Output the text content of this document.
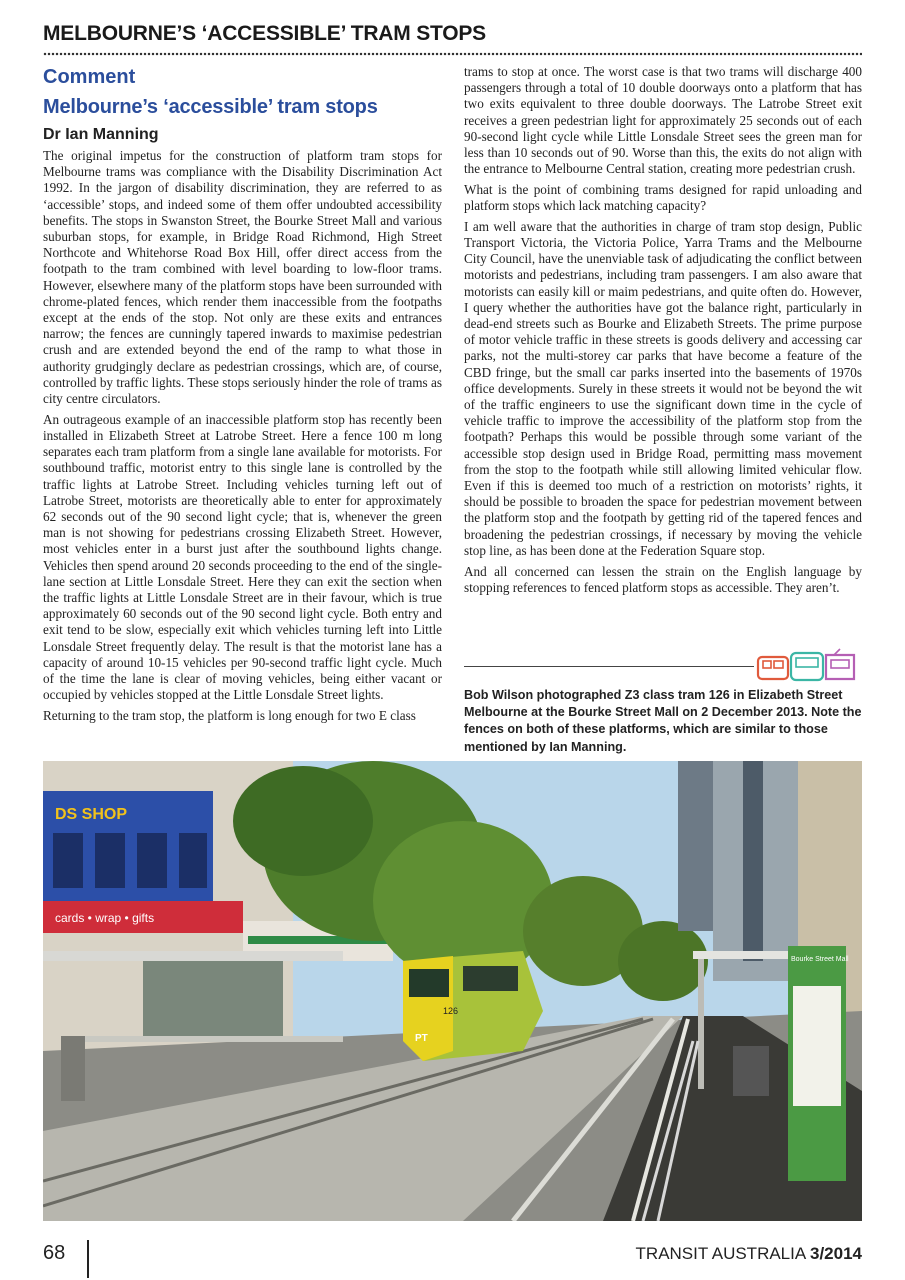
MELBOURNE’S ‘ACCESSIBLE’ TRAM STOPS
Comment
Melbourne’s ‘accessible’ tram stops
Dr Ian Manning

The original impetus for the construction of platform tram stops for Melbourne trams was compliance with the Disability Discrimination Act 1992. In the jargon of disability discrimination, they are referred to as ‘accessible’ stops, and indeed some of them offer undoubted accessibility benefits. The stops in Swanston Street, the Bourke Street Mall and various suburban stops, for example, in Bridge Road Richmond, High Street Northcote and Whitehorse Road Box Hill, offer direct access from the footpath to the tram combined with level boarding to low-floor trams. However, elsewhere many of the platform stops have been surrounded with chrome-plated fences, which render them inaccessible from the footpaths except at the ends of the stop. Not only are these exits and entrances narrow; the fences are cunningly tapered inwards to maximise pedestrian crush and are extended beyond the end of the ramp to what those in authority grudgingly declare as pedestrian crossings, which are, of course, controlled by traffic lights. These stops seriously hinder the role of trams as city centre circulators.

An outrageous example of an inaccessible platform stop has recently been installed in Elizabeth Street at Latrobe Street. Here a fence 100 m long separates each tram platform from a single lane available for motorists. For southbound traffic, motorist entry to this single lane is controlled by the traffic lights at Latrobe Street. Including vehicles turning left out of Latrobe Street, motorists are theoretically able to enter for approximately 62 seconds out of the 90 second light cycle; that is, whenever the green man is not showing for pedestrians crossing Elizabeth Street. However, most vehicles enter in a burst just after the southbound lights change. Vehicles then spend around 20 seconds proceeding to the end of the single-lane section at Little Lonsdale Street. Here they can exit the section when the traffic lights at Little Lonsdale Street are in their favour, which is true approximately 60 seconds out of the 90 second light cycle. Both entry and exit tend to be slow, especially exit which vehicles turning left into Little Lonsdale Street frequently delay. The result is that the motorist lane has a capacity of around 10-15 vehicles per 90-second traffic light cycle. Much of the time the lane is clear of moving vehicles, being either vacant or occupied by vehicles stopped at the Little Lonsdale Street lights.

Returning to the tram stop, the platform is long enough for two E class

trams to stop at once. The worst case is that two trams will discharge 400 passengers through a total of 10 double doorways onto a platform that has two exits equivalent to three double doorways. The Latrobe Street exit receives a green pedestrian light for approximately 25 seconds out of each 90-second light cycle while Little Lonsdale Street sees the green man for less than 10 seconds out of 90. Worse than this, the exits do not align with the entrance to Melbourne Central station, creating more pedestrian crush.

What is the point of combining trams designed for rapid unloading and platform stops which lack matching capacity?

I am well aware that the authorities in charge of tram stop design, Public Transport Victoria, the Victoria Police, Yarra Trams and the Melbourne City Council, have the unenviable task of adjudicating the conflict between motorists and pedestrians, including tram passengers. I am also aware that motorists can easily kill or maim pedestrians, and quite often do. However, I query whether the authorities have got the balance right, particularly in dead-end streets such as Bourke and Elizabeth Streets. The prime purpose of motor vehicle traffic in these streets is goods delivery and accessing car parks, not the multi-storey car parks that have become a feature of the CBD fringe, but the small car parks inserted into the basements of 1970s office developments. Surely in these streets it would not be beyond the wit of the traffic engineers to use the significant down time in the cycle of vehicle traffic to improve the accessibility of the platform stop from the footpath? Perhaps this would be possible through some variant of the accessible stop design used in Bridge Road, permitting mass movement from the stop to the footpath while still allowing limited vehicular flow. Even if this is deemed too much of a restriction on motorists’ rights, it should be possible to broaden the space for pedestrian movement between the platform stop and the footpath by getting rid of the tapered fences and broadening the pedestrian crossings, if necessary by moving the vehicle stop line, as has been done at the Federation Square stop.

And all concerned can lessen the strain on the English language by stopping references to fenced platform stops as accessible. They aren’t.

Bob Wilson photographed Z3 class tram 126 in Elizabeth Street Melbourne at the Bourke Street Mall on 2 December 2013. Note the fences on both of these platforms, which are similar to those mentioned by Ian Manning.

DS SHOP
cards • wrap • gifts
126
PT
Bourke Street Mall
68	TRANSIT AUSTRALIA 3/2014
